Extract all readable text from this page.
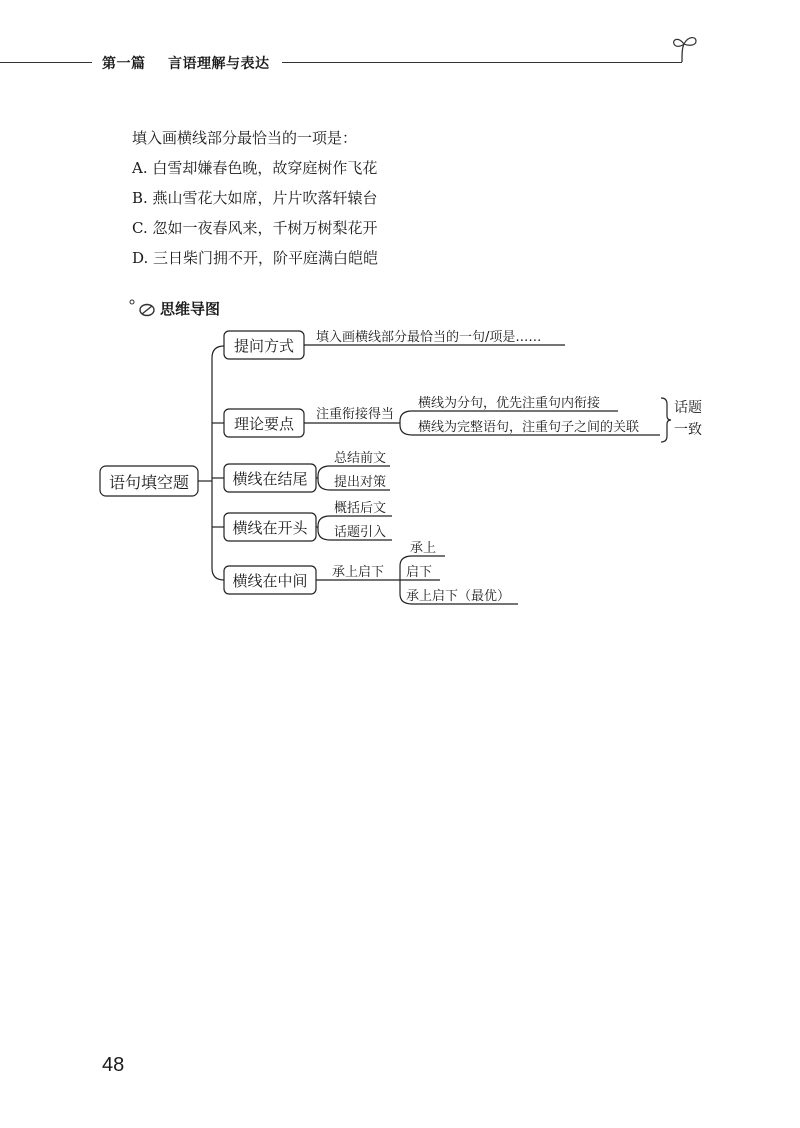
第一篇 言语理解与表达
填入画横线部分最恰当的一项是：
A. 白雪却嫌春色晚，故穿庭树作飞花
B. 燕山雪花大如席，片片吹落轩辕台
C. 忽如一夜春风来，千树万树梨花开
D. 三日柴门拥不开，阶平庭满白皑皑
思维导图
语句填空题
提问方式
理论要点
横线在结尾
横线在开头
横线在中间
填入画横线部分最恰当的一句/项是……
注重衔接得当
横线为分句，优先注重句内衔接
横线为完整语句，注重句子之间的关联
话题
一致
总结前文
提出对策
概括后文
话题引入
承上启下
承上
启下
承上启下（最优）
48
